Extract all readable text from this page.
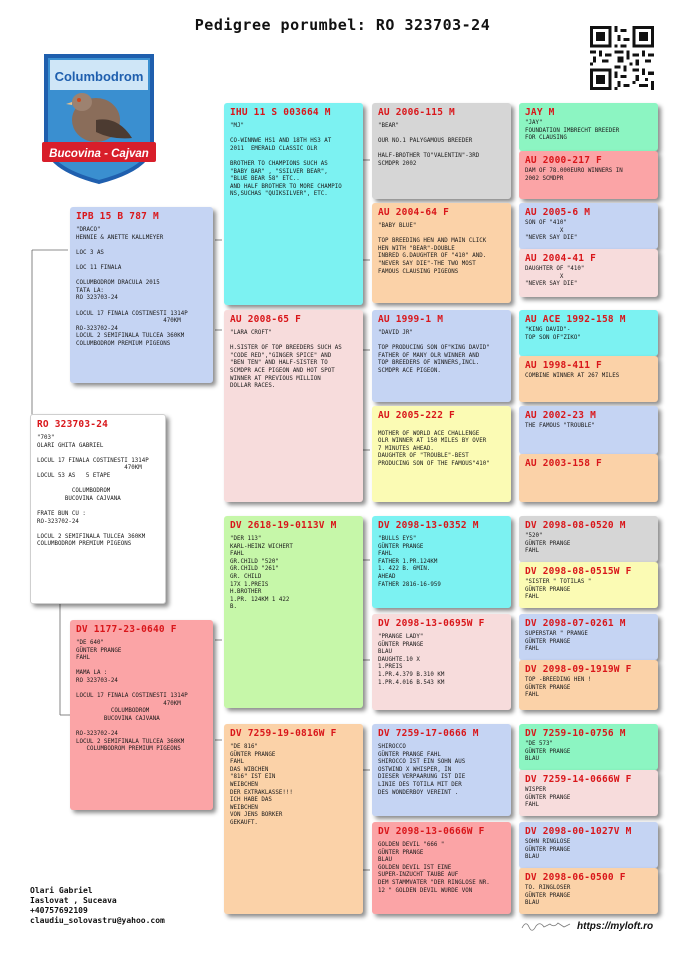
Pedigree porumbel: RO 323703-24
Columbodrom
Bucovina - Cajvan
RO 323703-24
"703"
OLARI GHITA GABRIEL

LOCUL 17 FINALA COSTINESTI 1314P
470KM
LOCUL 53 AS   5 ETAPE

COLUMBODROM
BUCOVINA CAJVANA

FRATE BUN CU :
RO-323702-24

LOCUL 2 SEMIFINALA TULCEA 360KM
COLUMBODROM PREMIUM PIGEONS
IPB 15 B 787 M
"DRACO"
HENNIE & ANETTE KALLMEYER

LOC 3 AS

LOC 11 FINALA

COLUMBODROM DRACULA 2015
TATA LA:
RO 323703-24

LOCUL 17 FINALA COSTINESTI 1314P
470KM
RO-323702-24
LOCUL 2 SEMIFINALA TULCEA 360KM
COLUMBODROM PREMIUM PIGEONS
DV 1177-23-0640 F
"DE 640"
GÜNTER PRANGE
FAHL

MAMA LA :
RO 323703-24

LOCUL 17 FINALA COSTINESTI 1314P
470KM
COLUMBODROM
BUCOVINA CAJVANA

RO-323702-24
LOCUL 2 SEMIFINALA TULCEA 360KM
COLUMBODROM PREMIUM PIGEONS
IHU 11 S 003664 M
"MJ"

CO-WINNWE HS1 AND 18TH HS3 AT
2011  EMERALD CLASSIC OLR

BROTHER TO CHAMPIONS SUCH AS
"BABY BAR" , "SSILVER BEAR",
"BLUE BEAR 58" ETC..
AND HALF BROTHER TO MORE CHAMPIO
NS,SUCHAS "QUIKSILVER", ETC.
AU 2008-65 F
"LARA CROFT"

H.SISTER OF TOP BREEDERS SUCH AS
"CODE RED","GINGER SPICE" AND
"BEN TEN" AND HALF-SISTER TO
SCMDPR ACE PIGEON AND HOT SPOT
WINNER AT PREVIOUS MILLION
DOLLAR RACES.
DV 2618-19-0113V M
"DER 113"
KARL-HEINZ WICHERT
FAHL
GR.CHILD "520"
GR.CHILD "261"
GR. CHILD
17X 1.PREIS
H.BROTHER
1.PR. 124KM 1 422
B.
DV 7259-19-0816W F
"DE 816"
GÜNTER PRANGE
FAHL
DAS WIBCHEN
"816" IST EIN
WEIBCHEN
DER EXTRAKLASSE!!!
ICH HABE DAS
WEIBCHEN
VON JENS BORKER
GEKAUFT.
AU 2006-115 M
"BEAR"

OUR NO.1 PALYGAMOUS BREEDER

HALF-BROTHER TO"VALENTIN"-3RD
SCMDPR 2002
AU 2004-64 F
"BABY BLUE"

TOP BREEDING HEN AND MAIN CLICK
HEN WITH "BEAR"-DOUBLE
INBRED G.DAUGHTER OF "410" AND.
"NEVER SAY DIE"-THE TWO MOST
FAMOUS CLAUSING PIGEONS
AU 1999-1 M
"DAVID JR"

TOP PRODUCING SON OF"KING DAVID"
FATHER OF MANY OLR WINNER AND
TOP BREEDERS OF WINNERS,INCL.
SCMDPR ACE PIGEON.
AU 2005-222 F

MOTHER OF WORLD ACE CHALLENGE
OLR WINNER AT 150 MILES BY OVER
7 MINUTES AHEAD.
DAUGHTER OF "TROUBLE"-BEST
PRODUCING SON OF THE FAMOUS"410"
DV 2098-13-0352 M
"BULLS EYS"
GÜNTER PRANGE
FAHL
FATHER 1.PR.124KM
1. 422 B. 6MIN.
AHEAD
FATHER 2816-16-959
DV 2098-13-0695W F
"PRANGE LADY"
GÜNTER PRANGE
BLAU
DAUGHTE.10 X
1.PREIS
1.PR.4.379 B.310 KM
1.PR.4.016 B.543 KM
DV 7259-17-0666 M
SHIROCCO
GÜNTER PRANGE FAHL
SHIROCCO IST EIN SOHN AUS
OSTWIND X WHISPER, IN
DIESER VERPAARUNG IST DIE
LINIE DES TOTILA MIT DER
DES WONDERBOY VEREINT .
DV 2098-13-0666W F
GOLDEN DEVIL "666 "
GÜNTER PRANGE
BLAU
GOLDEN DEVIL IST EINE
SUPER-INZUCHT TAUBE AUF
DEM STAMMVATER "DER RINGLOSE NR.
12 " GOLDEN DEVIL WURDE VON
JAY M
"JAY"
FOUNDATION IMBRECHT BREEDER
FOR CLAUSING
AU 2000-217 F
DAM OF 78.000EURO WINNERS IN
2002 SCMDPR
AU 2005-6 M
SON OF "410"
X
"NEVER SAY DIE"
AU 2004-41 F
DAUGHTER OF "410"
X
"NEVER SAY DIE"
AU ACE 1992-158 M
"KING DAVID"-
TOP SON OF"ZIKO"
AU 1998-411 F
COMBINE WINNER AT 267 MILES
AU 2002-23 M
THE FAMOUS "TROUBLE"
AU 2003-158 F
DV 2098-08-0520 M
"520"
GÜNTER PRANGE
FAHL
DV 2098-08-0515W F
"SISTER " TOTILAS "
GÜNTER PRANGE
FAHL
DV 2098-07-0261 M
SUPERSTAR " PRANGE
GÜNTER PRANGE
FAHL
DV 2098-09-1919W F
TOP -BREEDING HEN !
GÜNTER PRANGE
FAHL
DV 7259-10-0756 M
"DE 573"
GÜNTER PRANGE
BLAU
DV 7259-14-0666W F
WISPER
GÜNTER PRANGE
FAHL
DV 2098-00-1027V M
SOHN RINGLOSE
GÜNTER PRANGE
BLAU
DV 2098-06-0500 F
TO. RINGLOSER
GÜNTER PRANGE
BLAU
Olari Gabriel
Iaslovat , Suceava
+40757692109
claudiu_solovastru@yahoo.com
https://myloft.ro
